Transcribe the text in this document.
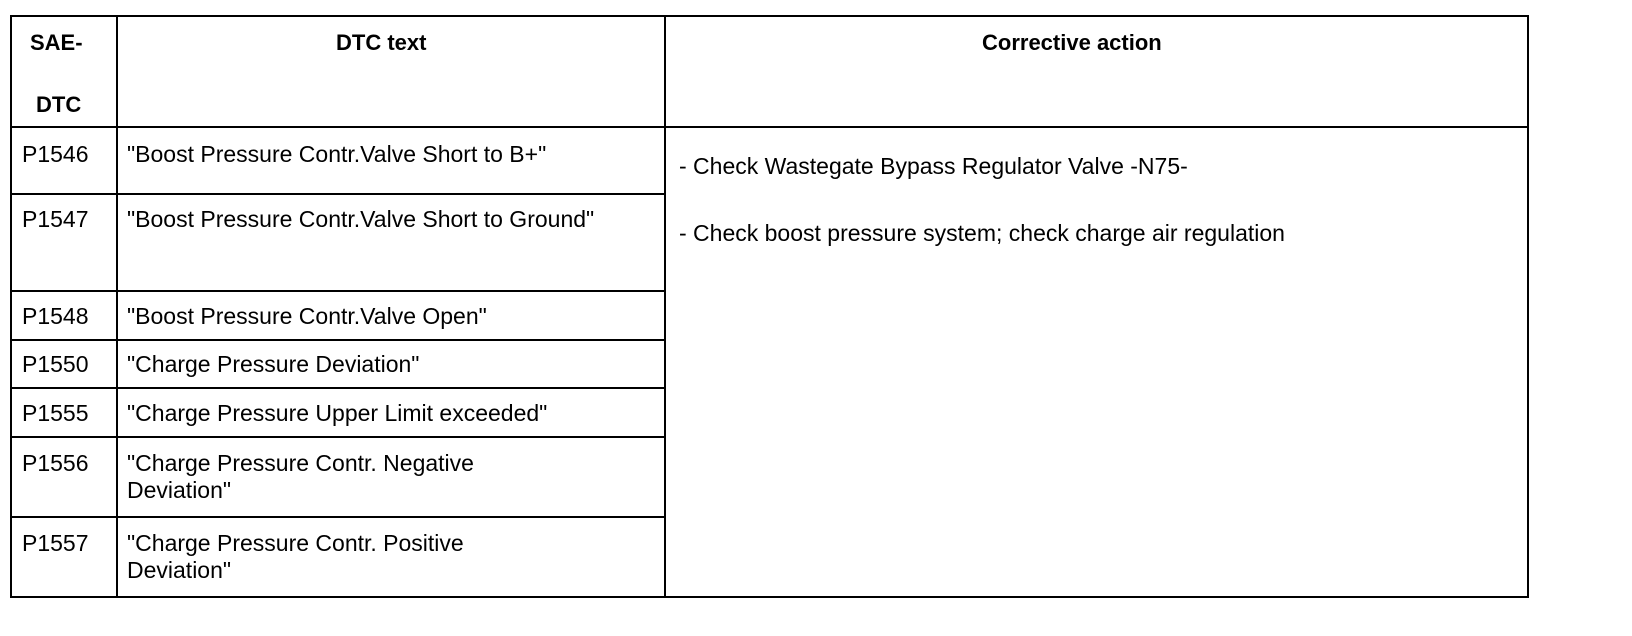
SAE-
DTC
DTC text	Corrective action
P1546
P1547
P1548
P1550
P1555
P1556
P1557
"Boost Pressure Contr.Valve Short to B+"
"Boost Pressure Contr.Valve Short to Ground"
"Boost Pressure Contr.Valve Open"
"Charge Pressure Deviation"
"Charge Pressure Upper Limit exceeded"
"Charge Pressure Contr. Negative Deviation"
"Charge Pressure Contr. Positive Deviation"
- Check Wastegate Bypass Regulator Valve -N75-
- Check boost pressure system; check charge air regulation
